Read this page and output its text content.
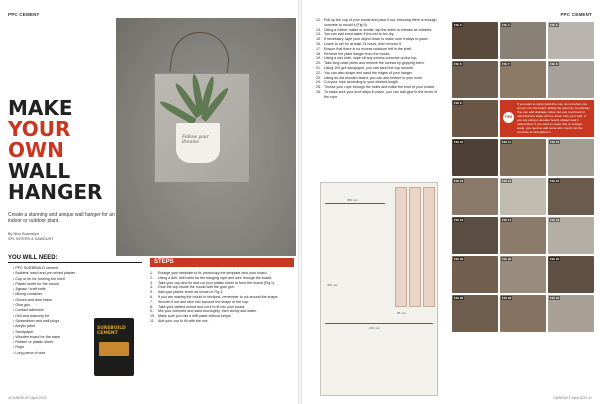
PPC CEMENT
MAKE
YOUR
OWN
WALL
HANGER
Create a stunning and unique wall hanger for an indoor or outdoor plant.
By Nico Bosmelyn
SPL INTERS & SAWDUST
Follow your dreams
YOU WILL NEED:
• PPC SUREBUILD cement
• Builders' sand and pre-mixed plaster
• Cup or tin for forming the shell
• Plastic sheet for the mould
• Jigsaw / craft knife
• Mixing container
• Gloves and dust mask
• Glue gun
• Contact adhesive
• Drill and masonry bit
• Screwdriver and wall plugs
• Acrylic paint
• Sandpaper
• Wooden board for the base
• Rubber or plastic sheet
• Rope
• Long piece of wire
SUREBUILD CEMENT
STEPS
1.	Enlarge your template to fit; photocopy the template onto your board.
2.	Using a drill, drill holes for the hanging rope and wire through the board.
3.	Take your cup and tin and cut your plastic sheet to form the mould (Fig 1).
4.	Glue the cup inside the mould with the glue gun.
5.	Add your plastic sheet as shown in Fig 2.
6.	If you are making the mould in sections, remember to cut around the shape.
7.	Smooth it out and take into account the shape of the cup.
8.	Take your wetted mould and cut it to fit into your board.
9.	Mix your concrete and sand thoroughly, then slowly add water.
10. Make sure you mix a stiff paste without lumps.
11. Add your cup to fill with the mix.
40 SAWDUST April 2022
PPC CEMENT
12. Pull up the cup of your mould and pack it out, ensuring there is enough concrete to mould it (Fig 9).
13. Using a rubber mallet or similar, tap the sides to release air bubbles.
14. You can add extra water if the mix is too dry.
15. If necessary, tape your object down to make sure it stays in place.
16. Leave to set for at least 24 hours, then remove it.
17. Ensure that there is no excess moisture left in the shell.
18. Remove the plant hanger from the mould.
19. Using a wet cloth, wipe off any excess concrete on the top.
20. Take long-nose pliers and remove the screws by gripping them.
21. Using 100-grit sandpaper, you can sand the cup smooth.
22. You can also shape and sand the edges of your hanger.
23. Using an old wooden board, you can add texture to your work.
24. Cut your rope according to your desired length.
25. Thread your rope through the holes and make the knot of your choice.
26. To make sure your knot stays in place, you can add glue to the knots of the rope.
350 mm
85 mm
200 mm
400 mm
FIG 3	FIG 4	FIG 5
FIG 6	FIG 7	FIG 8
FIG 9
TIPS
If you want to spray paint the cup, do so before you secure it to the board, letting the paint dry completely. You can add drainage holes, but you must bear in mind that the water will run down onto your wall. If you are using a wooden board, always seal it beforehand. If you want to make this on a larger scale, you need to add some wire mesh into the concrete to strengthen it.
FIG 10	FIG 11	FIG 12
FIG 13	FIG 14	FIG 15
FIG 16	FIG 17	FIG 18
FIG 19	FIG 20	FIG 21
FIG 22	FIG 23	FIG 24
SAWDUST April 2022 41
